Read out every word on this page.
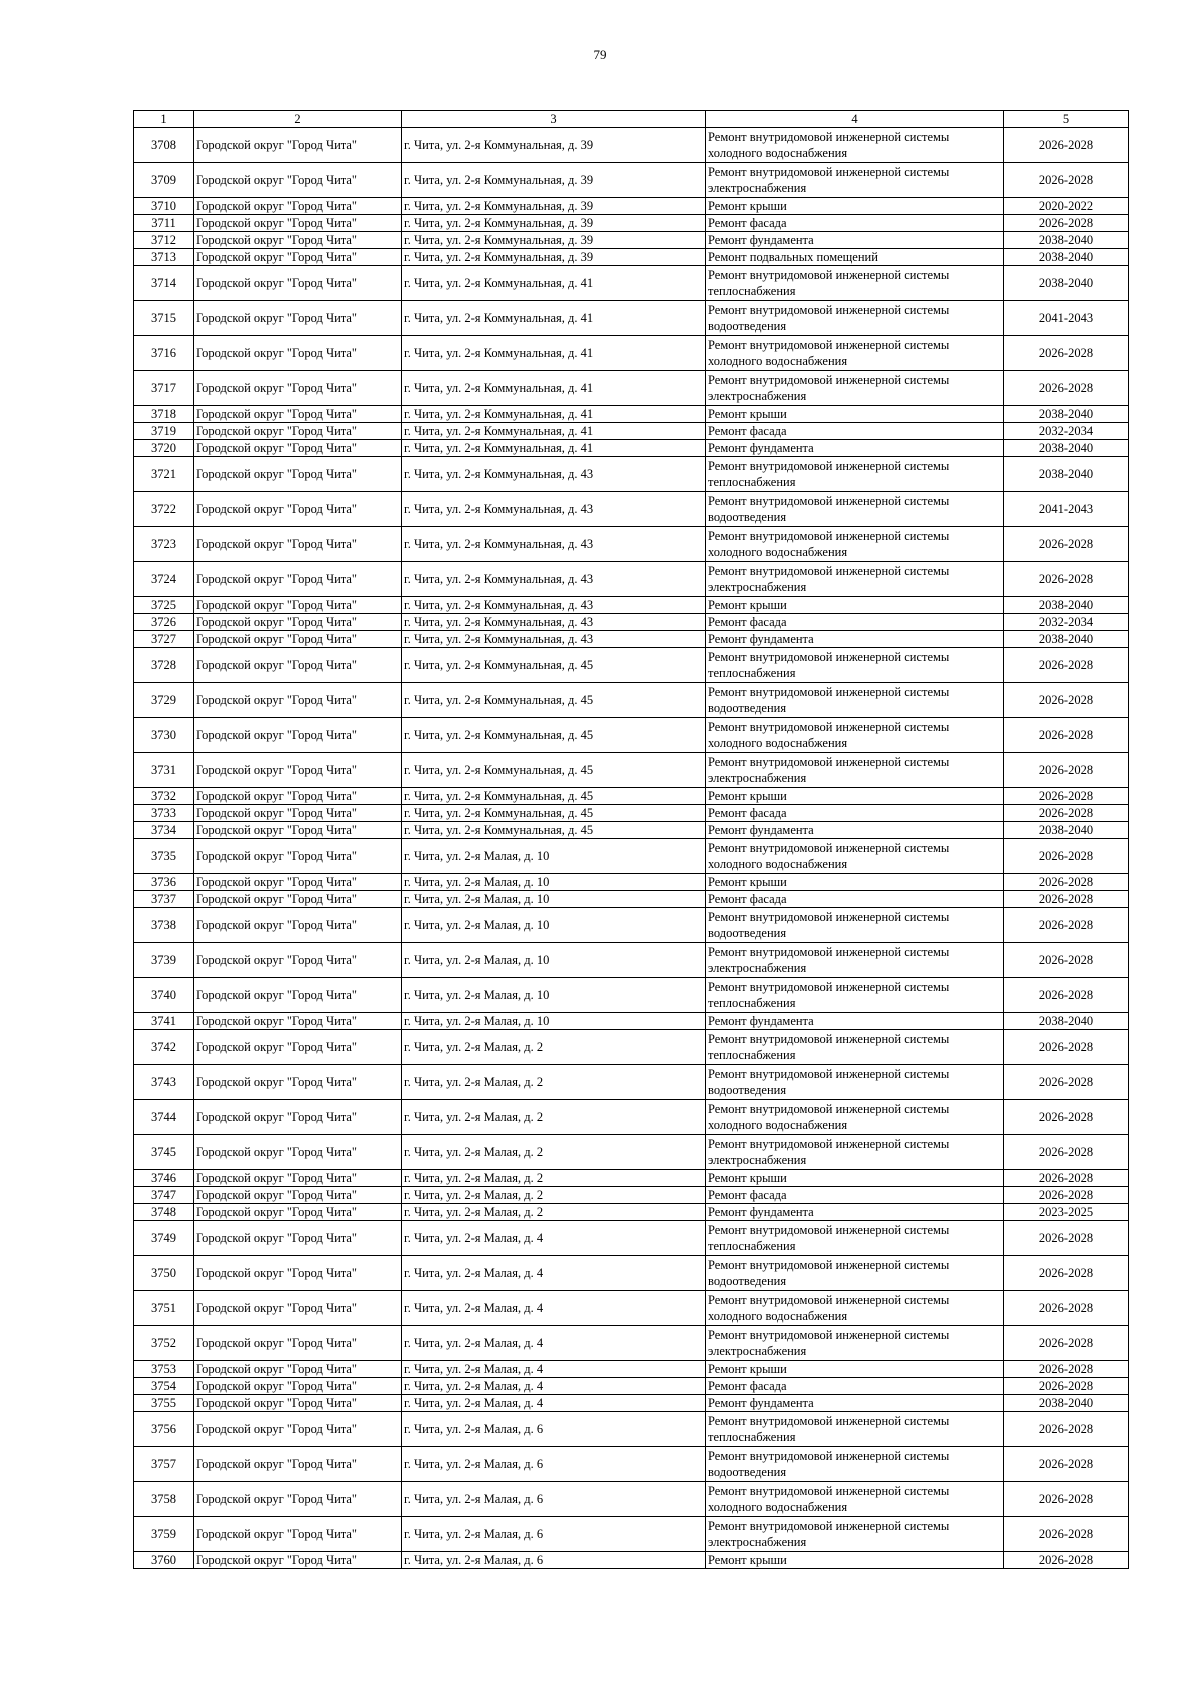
79
1	2	3	4	5
3708	Городской округ "Город Чита"	г. Чита, ул. 2-я Коммунальная, д. 39	Ремонт внутридомовой инженерной системы холодного водоснабжения	2026-2028
3709	Городской округ "Город Чита"	г. Чита, ул. 2-я Коммунальная, д. 39	Ремонт внутридомовой инженерной системы электроснабжения	2026-2028
3710	Городской округ "Город Чита"	г. Чита, ул. 2-я Коммунальная, д. 39	Ремонт крыши	2020-2022
3711	Городской округ "Город Чита"	г. Чита, ул. 2-я Коммунальная, д. 39	Ремонт фасада	2026-2028
3712	Городской округ "Город Чита"	г. Чита, ул. 2-я Коммунальная, д. 39	Ремонт фундамента	2038-2040
3713	Городской округ "Город Чита"	г. Чита, ул. 2-я Коммунальная, д. 39	Ремонт подвальных помещений	2038-2040
3714	Городской округ "Город Чита"	г. Чита, ул. 2-я Коммунальная, д. 41	Ремонт внутридомовой инженерной системы теплоснабжения	2038-2040
3715	Городской округ "Город Чита"	г. Чита, ул. 2-я Коммунальная, д. 41	Ремонт внутридомовой инженерной системы водоотведения	2041-2043
3716	Городской округ "Город Чита"	г. Чита, ул. 2-я Коммунальная, д. 41	Ремонт внутридомовой инженерной системы холодного водоснабжения	2026-2028
3717	Городской округ "Город Чита"	г. Чита, ул. 2-я Коммунальная, д. 41	Ремонт внутридомовой инженерной системы электроснабжения	2026-2028
3718	Городской округ "Город Чита"	г. Чита, ул. 2-я Коммунальная, д. 41	Ремонт крыши	2038-2040
3719	Городской округ "Город Чита"	г. Чита, ул. 2-я Коммунальная, д. 41	Ремонт фасада	2032-2034
3720	Городской округ "Город Чита"	г. Чита, ул. 2-я Коммунальная, д. 41	Ремонт фундамента	2038-2040
3721	Городской округ "Город Чита"	г. Чита, ул. 2-я Коммунальная, д. 43	Ремонт внутридомовой инженерной системы теплоснабжения	2038-2040
3722	Городской округ "Город Чита"	г. Чита, ул. 2-я Коммунальная, д. 43	Ремонт внутридомовой инженерной системы водоотведения	2041-2043
3723	Городской округ "Город Чита"	г. Чита, ул. 2-я Коммунальная, д. 43	Ремонт внутридомовой инженерной системы холодного водоснабжения	2026-2028
3724	Городской округ "Город Чита"	г. Чита, ул. 2-я Коммунальная, д. 43	Ремонт внутридомовой инженерной системы электроснабжения	2026-2028
3725	Городской округ "Город Чита"	г. Чита, ул. 2-я Коммунальная, д. 43	Ремонт крыши	2038-2040
3726	Городской округ "Город Чита"	г. Чита, ул. 2-я Коммунальная, д. 43	Ремонт фасада	2032-2034
3727	Городской округ "Город Чита"	г. Чита, ул. 2-я Коммунальная, д. 43	Ремонт фундамента	2038-2040
3728	Городской округ "Город Чита"	г. Чита, ул. 2-я Коммунальная, д. 45	Ремонт внутридомовой инженерной системы теплоснабжения	2026-2028
3729	Городской округ "Город Чита"	г. Чита, ул. 2-я Коммунальная, д. 45	Ремонт внутридомовой инженерной системы водоотведения	2026-2028
3730	Городской округ "Город Чита"	г. Чита, ул. 2-я Коммунальная, д. 45	Ремонт внутридомовой инженерной системы холодного водоснабжения	2026-2028
3731	Городской округ "Город Чита"	г. Чита, ул. 2-я Коммунальная, д. 45	Ремонт внутридомовой инженерной системы электроснабжения	2026-2028
3732	Городской округ "Город Чита"	г. Чита, ул. 2-я Коммунальная, д. 45	Ремонт крыши	2026-2028
3733	Городской округ "Город Чита"	г. Чита, ул. 2-я Коммунальная, д. 45	Ремонт фасада	2026-2028
3734	Городской округ "Город Чита"	г. Чита, ул. 2-я Коммунальная, д. 45	Ремонт фундамента	2038-2040
3735	Городской округ "Город Чита"	г. Чита, ул. 2-я Малая, д. 10	Ремонт внутридомовой инженерной системы холодного водоснабжения	2026-2028
3736	Городской округ "Город Чита"	г. Чита, ул. 2-я Малая, д. 10	Ремонт крыши	2026-2028
3737	Городской округ "Город Чита"	г. Чита, ул. 2-я Малая, д. 10	Ремонт фасада	2026-2028
3738	Городской округ "Город Чита"	г. Чита, ул. 2-я Малая, д. 10	Ремонт внутридомовой инженерной системы водоотведения	2026-2028
3739	Городской округ "Город Чита"	г. Чита, ул. 2-я Малая, д. 10	Ремонт внутридомовой инженерной системы электроснабжения	2026-2028
3740	Городской округ "Город Чита"	г. Чита, ул. 2-я Малая, д. 10	Ремонт внутридомовой инженерной системы теплоснабжения	2026-2028
3741	Городской округ "Город Чита"	г. Чита, ул. 2-я Малая, д. 10	Ремонт фундамента	2038-2040
3742	Городской округ "Город Чита"	г. Чита, ул. 2-я Малая, д. 2	Ремонт внутридомовой инженерной системы теплоснабжения	2026-2028
3743	Городской округ "Город Чита"	г. Чита, ул. 2-я Малая, д. 2	Ремонт внутридомовой инженерной системы водоотведения	2026-2028
3744	Городской округ "Город Чита"	г. Чита, ул. 2-я Малая, д. 2	Ремонт внутридомовой инженерной системы холодного водоснабжения	2026-2028
3745	Городской округ "Город Чита"	г. Чита, ул. 2-я Малая, д. 2	Ремонт внутридомовой инженерной системы электроснабжения	2026-2028
3746	Городской округ "Город Чита"	г. Чита, ул. 2-я Малая, д. 2	Ремонт крыши	2026-2028
3747	Городской округ "Город Чита"	г. Чита, ул. 2-я Малая, д. 2	Ремонт фасада	2026-2028
3748	Городской округ "Город Чита"	г. Чита, ул. 2-я Малая, д. 2	Ремонт фундамента	2023-2025
3749	Городской округ "Город Чита"	г. Чита, ул. 2-я Малая, д. 4	Ремонт внутридомовой инженерной системы теплоснабжения	2026-2028
3750	Городской округ "Город Чита"	г. Чита, ул. 2-я Малая, д. 4	Ремонт внутридомовой инженерной системы водоотведения	2026-2028
3751	Городской округ "Город Чита"	г. Чита, ул. 2-я Малая, д. 4	Ремонт внутридомовой инженерной системы холодного водоснабжения	2026-2028
3752	Городской округ "Город Чита"	г. Чита, ул. 2-я Малая, д. 4	Ремонт внутридомовой инженерной системы электроснабжения	2026-2028
3753	Городской округ "Город Чита"	г. Чита, ул. 2-я Малая, д. 4	Ремонт крыши	2026-2028
3754	Городской округ "Город Чита"	г. Чита, ул. 2-я Малая, д. 4	Ремонт фасада	2026-2028
3755	Городской округ "Город Чита"	г. Чита, ул. 2-я Малая, д. 4	Ремонт фундамента	2038-2040
3756	Городской округ "Город Чита"	г. Чита, ул. 2-я Малая, д. 6	Ремонт внутридомовой инженерной системы теплоснабжения	2026-2028
3757	Городской округ "Город Чита"	г. Чита, ул. 2-я Малая, д. 6	Ремонт внутридомовой инженерной системы водоотведения	2026-2028
3758	Городской округ "Город Чита"	г. Чита, ул. 2-я Малая, д. 6	Ремонт внутридомовой инженерной системы холодного водоснабжения	2026-2028
3759	Городской округ "Город Чита"	г. Чита, ул. 2-я Малая, д. 6	Ремонт внутридомовой инженерной системы электроснабжения	2026-2028
3760	Городской округ "Город Чита"	г. Чита, ул. 2-я Малая, д. 6	Ремонт крыши	2026-2028
